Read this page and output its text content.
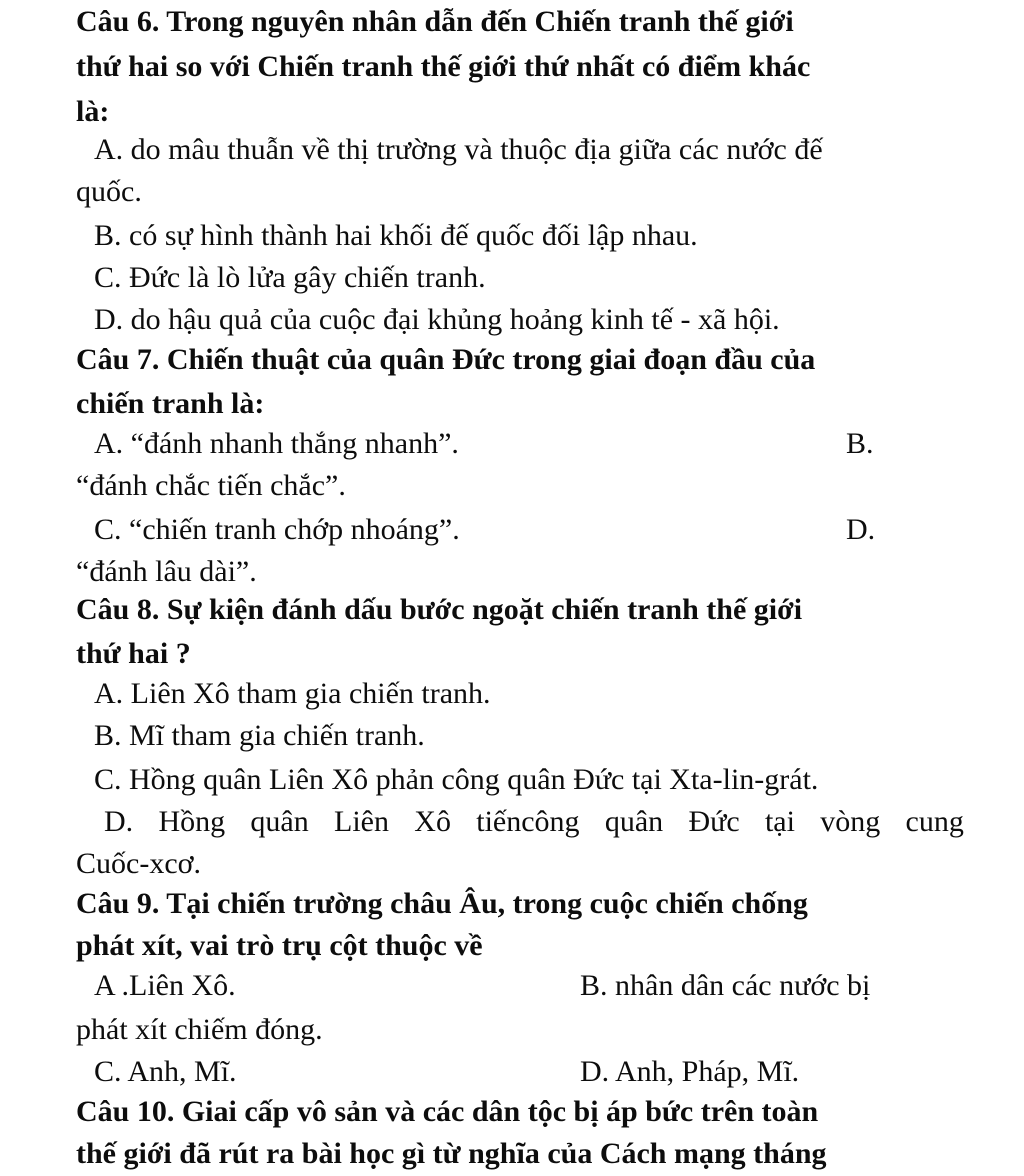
Câu 6. Trong nguyên nhân dẫn đến Chiến tranh thế giới
thứ hai so với Chiến tranh thế giới thứ nhất có điểm khác
là:
A. do mâu thuẫn về thị trường và thuộc địa giữa các nước đế
quốc.
B. có sự hình thành hai khối đế quốc đối lập nhau.
C. Đức là lò lửa gây chiến tranh.
D. do hậu quả của cuộc đại khủng hoảng kinh tế - xã hội.
Câu 7. Chiến thuật của quân Đức trong giai đoạn đầu của
chiến tranh là:
A. “đánh nhanh thắng nhanh”.	B.
“đánh chắc tiến chắc”.
C. “chiến tranh chớp nhoáng”.	D.
“đánh lâu dài”.
Câu 8. Sự kiện đánh dấu bước ngoặt chiến tranh thế giới
thứ hai ?
A. Liên Xô tham gia chiến tranh.
B. Mĩ tham gia chiến tranh.
C. Hồng quân Liên Xô phản công quân Đức tại Xta-lin-grát.
D. Hồng quân Liên Xô tiếncông quân Đức tại vòng cung
Cuốc-xcơ.
Câu 9. Tại chiến trường châu Âu, trong cuộc chiến chống
phát xít, vai trò trụ cột thuộc về
A .Liên Xô.	B. nhân dân các nước bị
phát xít chiếm đóng.
C. Anh, Mĩ.	D. Anh, Pháp, Mĩ.
Câu 10. Giai cấp vô sản và các dân tộc bị áp bức trên toàn
thế giới đã rút ra bài học gì từ nghĩa của Cách mạng tháng
